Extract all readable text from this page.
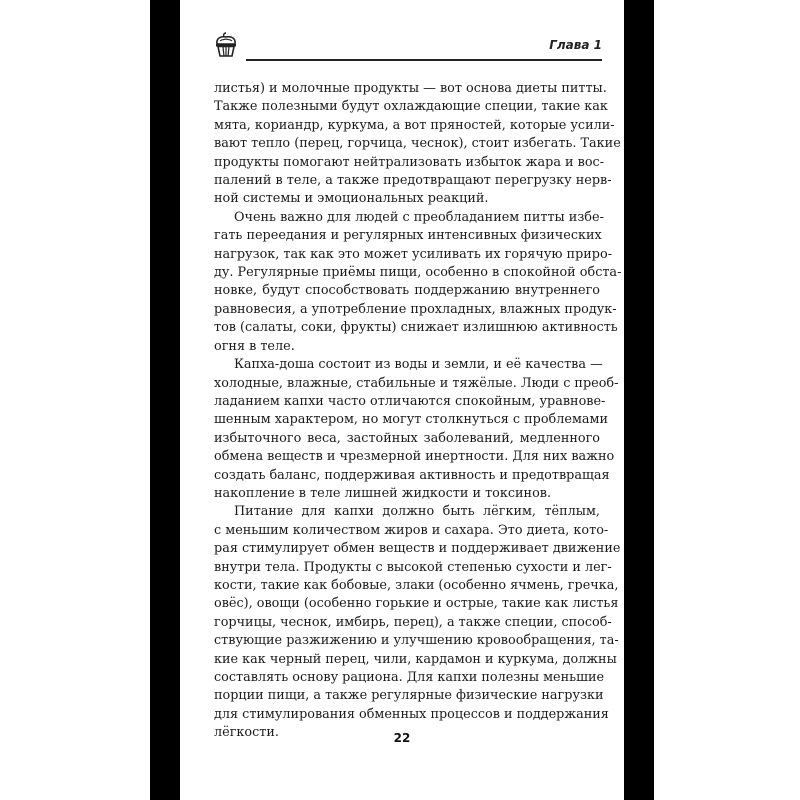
Глава 1
листья) и молочные продукты — вот основа диеты питты.
Также полезными будут охлаждающие специи, такие как
мята, кориандр, куркума, а вот пряностей, которые усили-
вают тепло (перец, горчица, чеснок), стоит избегать. Такие
продукты помогают нейтрализовать избыток жара и вос-
палений в теле, а также предотвращают перегрузку нерв-
ной системы и эмоциональных реакций.
Очень важно для людей с преобладанием питты избе-
гать переедания и регулярных интенсивных физических
нагрузок, так как это может усиливать их горячую приро-
ду. Регулярные приёмы пищи, особенно в спокойной обста-
новке, будут способствовать поддержанию внутреннего
равновесия, а употребление прохладных, влажных продук-
тов (салаты, соки, фрукты) снижает излишнюю активность
огня в теле.
Капха-доша состоит из воды и земли, и её качества —
холодные, влажные, стабильные и тяжёлые. Люди с преоб-
ладанием капхи часто отличаются спокойным, уравнове-
шенным характером, но могут столкнуться с проблемами
избыточного веса, застойных заболеваний, медленного
обмена веществ и чрезмерной инертности. Для них важно
создать баланс, поддерживая активность и предотвращая
накопление в теле лишней жидкости и токсинов.
Питание для капхи должно быть лёгким, тёплым,
с меньшим количеством жиров и сахара. Это диета, кото-
рая стимулирует обмен веществ и поддерживает движение
внутри тела. Продукты с высокой степенью сухости и лег-
кости, такие как бобовые, злаки (особенно ячмень, гречка,
овёс), овощи (особенно горькие и острые, такие как листья
горчицы, чеснок, имбирь, перец), а также специи, способ-
ствующие разжижению и улучшению кровообращения, та-
кие как черный перец, чили, кардамон и куркума, должны
составлять основу рациона. Для капхи полезны меньшие
порции пищи, а также регулярные физические нагрузки
для стимулирования обменных процессов и поддержания
лёгкости.	22
